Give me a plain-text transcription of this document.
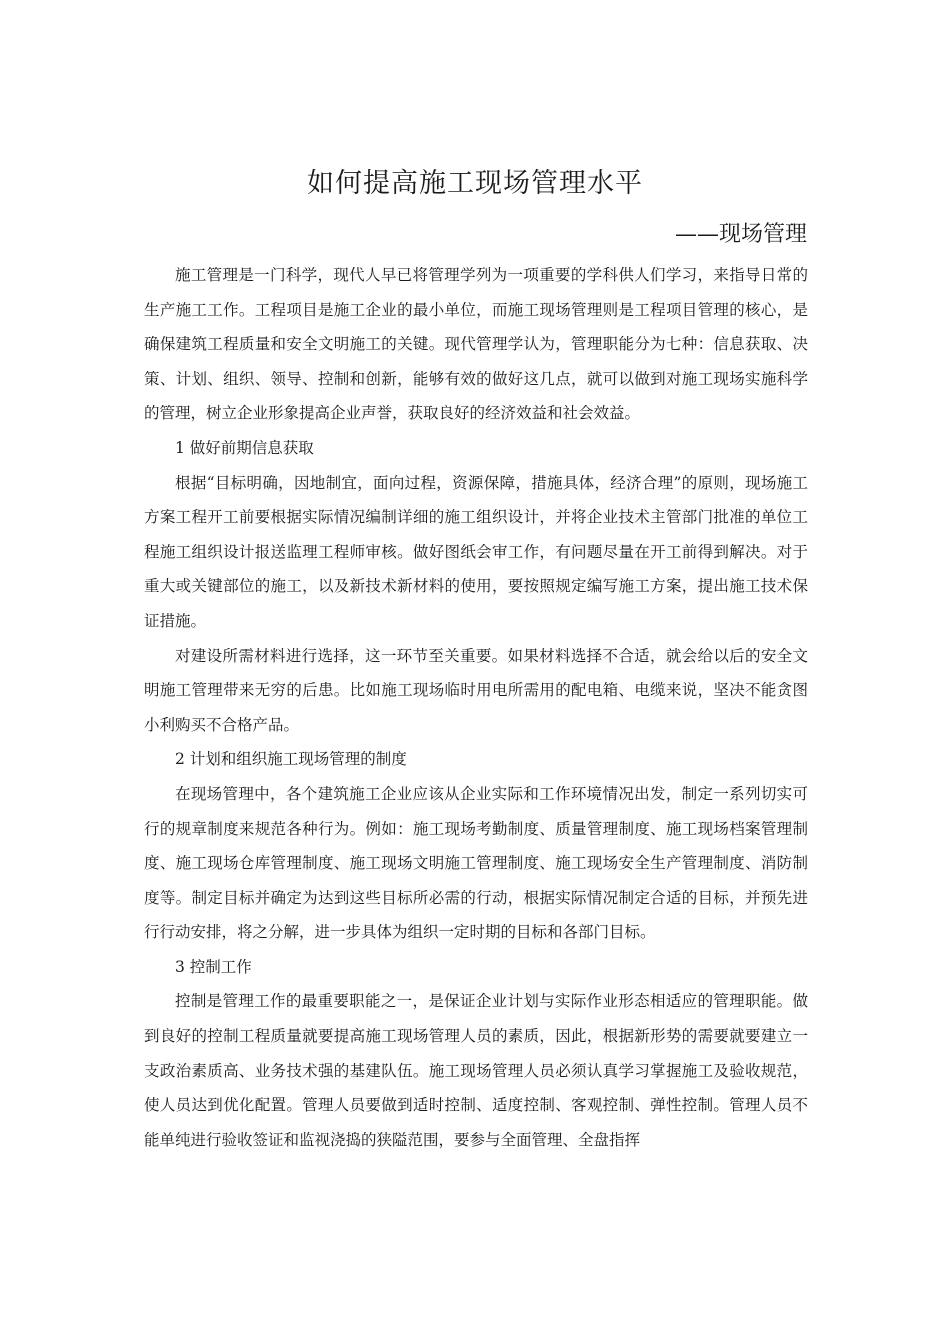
如何提高施工现场管理水平
——现场管理

施工管理是一门科学，现代人早已将管理学列为一项重要的学科供人们学习，来指导日常的生产施工工作。工程项目是施工企业的最小单位，而施工现场管理则是工程项目管理的核心，是确保建筑工程质量和安全文明施工的关键。现代管理学认为，管理职能分为七种：信息获取、决策、计划、组织、领导、控制和创新，能够有效的做好这几点，就可以做到对施工现场实施科学的管理，树立企业形象提高企业声誉，获取良好的经济效益和社会效益。

1 做好前期信息获取

根据“目标明确，因地制宜，面向过程，资源保障，措施具体，经济合理”的原则，现场施工方案工程开工前要根据实际情况编制详细的施工组织设计，并将企业技术主管部门批准的单位工程施工组织设计报送监理工程师审核。做好图纸会审工作，有问题尽量在开工前得到解决。对于重大或关键部位的施工，以及新技术新材料的使用，要按照规定编写施工方案，提出施工技术保证措施。

对建设所需材料进行选择，这一环节至关重要。如果材料选择不合适，就会给以后的安全文明施工管理带来无穷的后患。比如施工现场临时用电所需用的配电箱、电缆来说，坚决不能贪图小利购买不合格产品。

2 计划和组织施工现场管理的制度

在现场管理中，各个建筑施工企业应该从企业实际和工作环境情况出发，制定一系列切实可行的规章制度来规范各种行为。例如：施工现场考勤制度、质量管理制度、施工现场档案管理制度、施工现场仓库管理制度、施工现场文明施工管理制度、施工现场安全生产管理制度、消防制度等。制定目标并确定为达到这些目标所必需的行动，根据实际情况制定合适的目标，并预先进行行动安排，将之分解，进一步具体为组织一定时期的目标和各部门目标。

3 控制工作

控制是管理工作的最重要职能之一，是保证企业计划与实际作业形态相适应的管理职能。做到良好的控制工程质量就要提高施工现场管理人员的素质，因此，根据新形势的需要就要建立一支政治素质高、业务技术强的基建队伍。施工现场管理人员必须认真学习掌握施工及验收规范，使人员达到优化配置。管理人员要做到适时控制、适度控制、客观控制、弹性控制。管理人员不能单纯进行验收签证和监视浇捣的狭隘范围，要参与全面管理、全盘指挥
